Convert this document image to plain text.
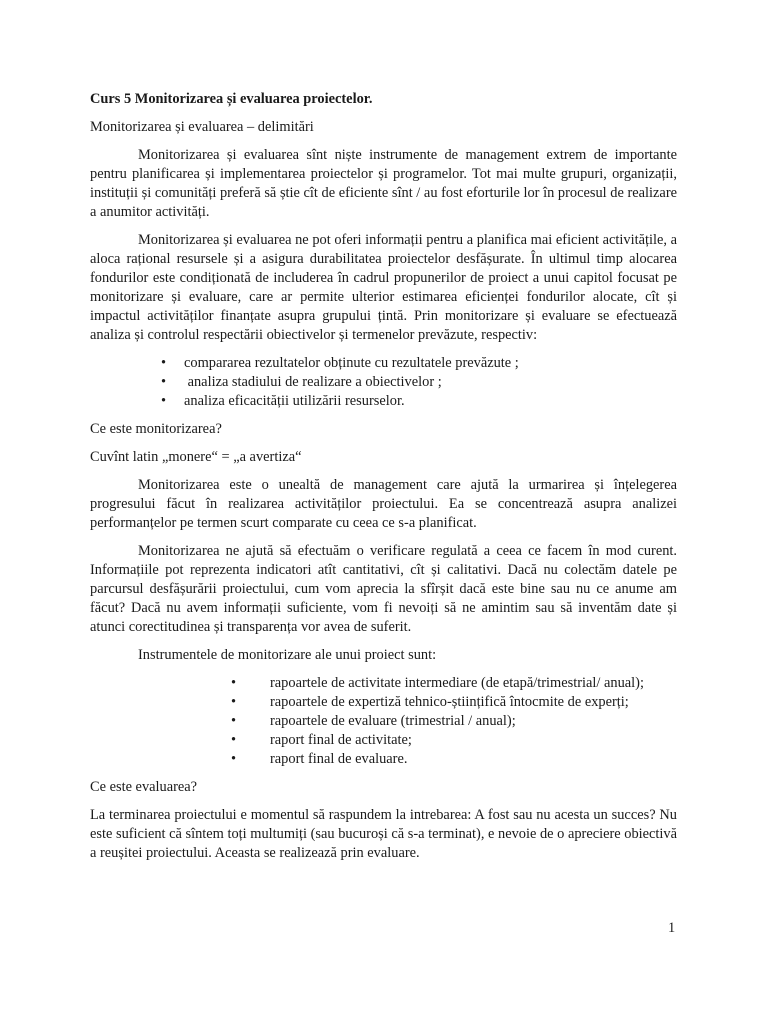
Curs 5 Monitorizarea și evaluarea proiectelor.

Monitorizarea și evaluarea – delimitări

Monitorizarea și evaluarea sînt niște instrumente de management extrem de importante pentru planificarea și implementarea proiectelor și programelor. Tot mai multe grupuri, organizații, instituții și comunități preferă să știe cît de eficiente sînt / au fost eforturile lor în procesul de realizare a anumitor activități.

Monitorizarea și evaluarea ne pot oferi informații pentru a planifica mai eficient activitățile, a aloca rațional resursele și a asigura durabilitatea proiectelor desfășurate. În ultimul timp alocarea fondurilor este condiționată de includerea în cadrul propunerilor de proiect a unui capitol focusat pe monitorizare și evaluare, care ar permite ulterior estimarea eficienței fondurilor alocate, cît și impactul activităților finanțate asupra grupului țintă. Prin monitorizare și evaluare se efectuează analiza și controlul respectării obiectivelor și termenelor prevăzute, respectiv:

• compararea rezultatelor obținute cu rezultatele prevăzute ;
• analiza stadiului de realizare a obiectivelor ;
• analiza eficacității utilizării resurselor.

Ce este monitorizarea?

Cuvînt latin „monere“ = „a avertiza“

Monitorizarea este o unealtă de management care ajută la urmarirea și înțelegerea progresului făcut în realizarea activităților proiectului. Ea se concentrează asupra analizei performanțelor pe termen scurt comparate cu ceea ce s-a planificat.

Monitorizarea ne ajută să efectuăm o verificare regulată a ceea ce facem în mod curent. Informațiile pot reprezenta indicatori atît cantitativi, cît și calitativi. Dacă nu colectăm datele pe parcursul desfășurării proiectului, cum vom aprecia la sfîrșit dacă este bine sau nu ce anume am făcut? Dacă nu avem informații suficiente, vom fi nevoiți să ne amintim sau să inventăm date și atunci corectitudinea și transparența vor avea de suferit.

Instrumentele de monitorizare ale unui proiect sunt:

• rapoartele de activitate intermediare (de etapă/trimestrial/ anual);
• rapoartele de expertiză tehnico-științifică întocmite de experți;
• rapoartele de evaluare (trimestrial / anual);
• raport final de activitate;
• raport final de evaluare.

Ce este evaluarea?

La terminarea proiectului e momentul să raspundem la intrebarea: A fost sau nu acesta un succes? Nu este suficient că sîntem toți multumiți (sau bucuroși că s-a terminat), e nevoie de o apreciere obiectivă a reușitei proiectului. Aceasta se realizează prin evaluare.

1
